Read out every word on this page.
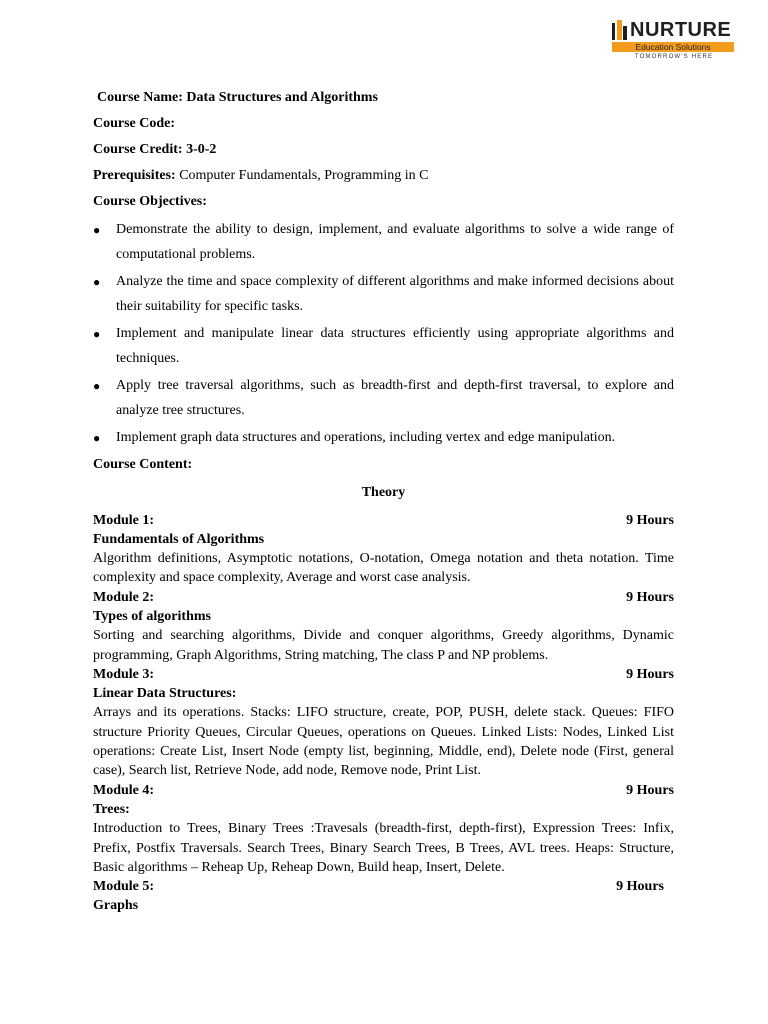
NURTURE
Education Solutions
TOMORROW'S HERE

Course Name: Data Structures and Algorithms

Course Code:

Course Credit: 3-0-2

Prerequisites: Computer Fundamentals, Programming in C

Course Objectives:

● Demonstrate the ability to design, implement, and evaluate algorithms to solve a wide range of computational problems.
● Analyze the time and space complexity of different algorithms and make informed decisions about their suitability for specific tasks.
● Implement and manipulate linear data structures efficiently using appropriate algorithms and techniques.
● Apply tree traversal algorithms, such as breadth-first and depth-first traversal, to explore and analyze tree structures.
● Implement graph data structures and operations, including vertex and edge manipulation.

Course Content:

Theory

Module 1:	9 Hours
Fundamentals of Algorithms
Algorithm definitions, Asymptotic notations, O-notation, Omega notation and theta notation. Time complexity and space complexity, Average and worst case analysis.
Module 2:	9 Hours
Types of algorithms
Sorting and searching algorithms, Divide and conquer algorithms, Greedy algorithms, Dynamic programming, Graph Algorithms, String matching, The class P and NP problems.
Module 3:	9 Hours
Linear Data Structures:
Arrays and its operations. Stacks: LIFO structure, create, POP, PUSH, delete stack. Queues: FIFO structure Priority Queues, Circular Queues, operations on Queues. Linked Lists: Nodes, Linked List operations: Create List, Insert Node (empty list, beginning, Middle, end), Delete node (First, general case), Search list, Retrieve Node, add node, Remove node, Print List.
Module 4:	9 Hours
Trees:
Introduction to Trees, Binary Trees :Travesals (breadth-first, depth-first), Expression Trees: Infix, Prefix, Postfix Traversals. Search Trees, Binary Search Trees, B Trees, AVL trees. Heaps: Structure, Basic algorithms – Reheap Up, Reheap Down, Build heap, Insert, Delete.
Module 5:	9 Hours
Graphs
